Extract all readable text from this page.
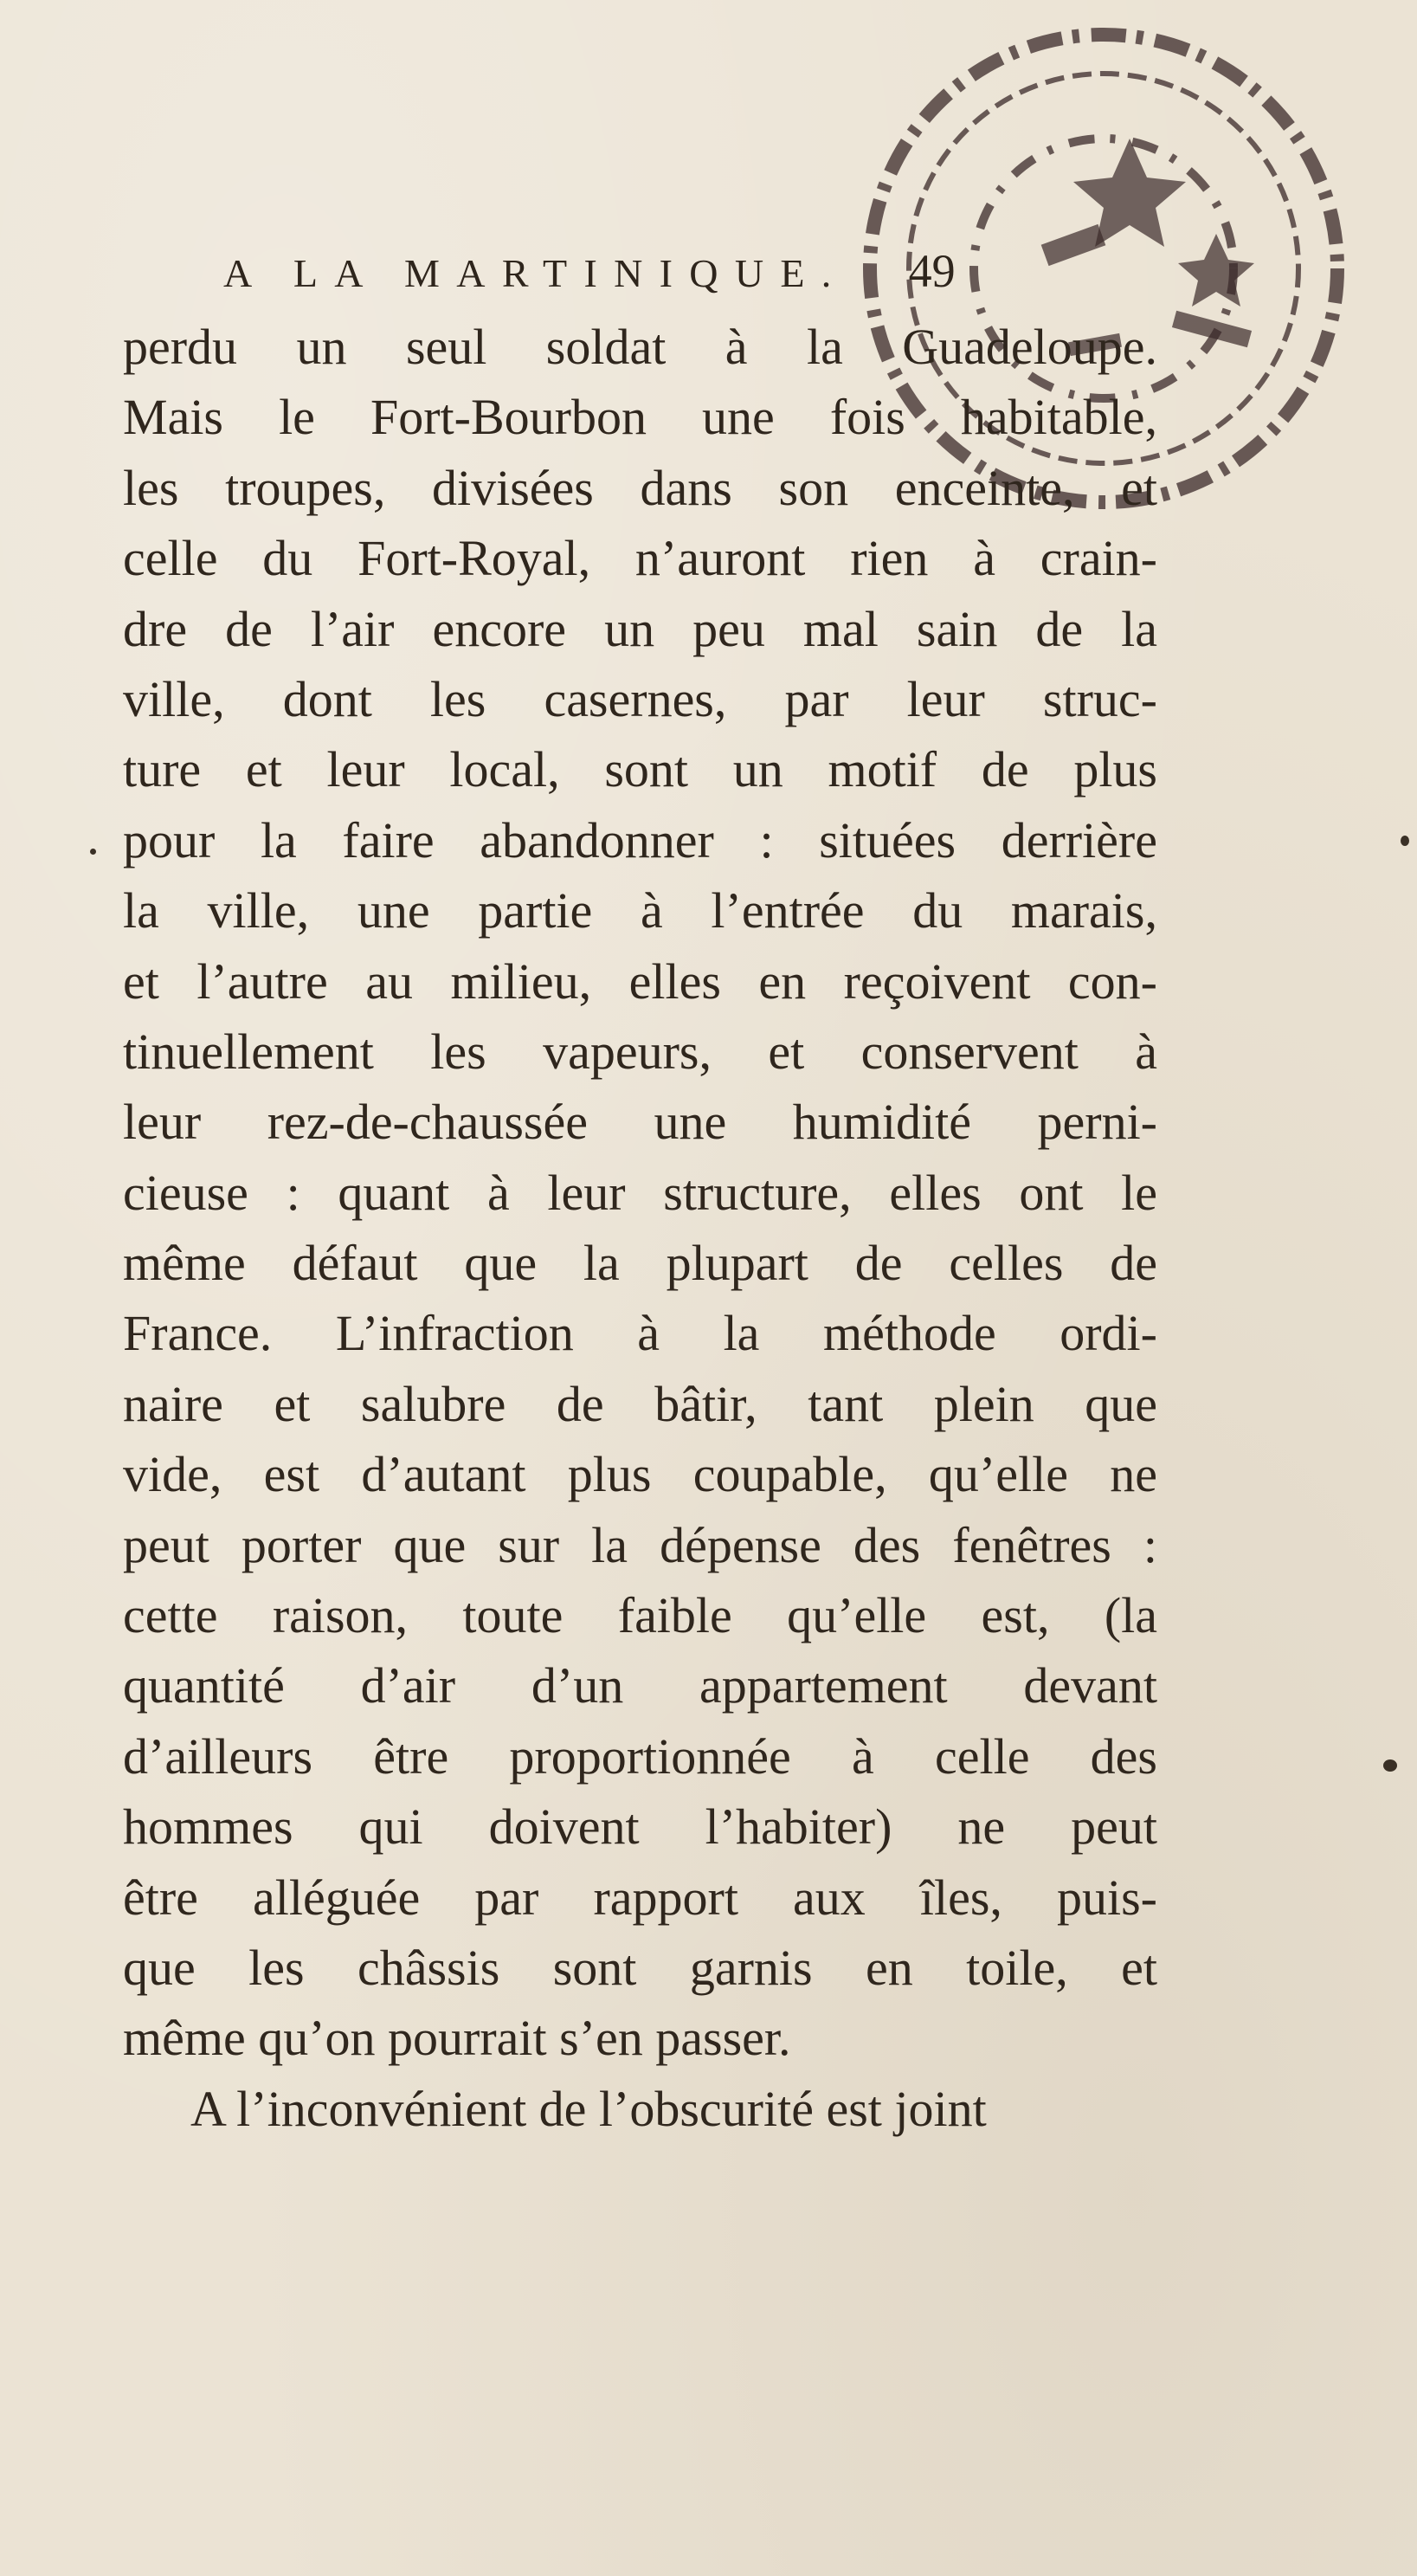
A LA MARTINIQUE. 49
perdu un seul soldat à la Guadeloupe.
Mais le Fort-Bourbon une fois habitable,
les troupes, divisées dans son enceinte, et
celle du Fort-Royal, n’auront rien à crain-
dre de l’air encore un peu mal sain de la
ville, dont les casernes, par leur struc-
ture et leur local, sont un motif de plus
pour la faire abandonner : situées derrière
la ville, une partie à l’entrée du marais,
et l’autre au milieu, elles en reçoivent con-
tinuellement les vapeurs, et conservent à
leur rez-de-chaussée une humidité perni-
cieuse : quant à leur structure, elles ont le
même défaut que la plupart de celles de
France. L’infraction à la méthode ordi-
naire et salubre de bâtir, tant plein que
vide, est d’autant plus coupable, qu’elle ne
peut porter que sur la dépense des fenêtres :
cette raison, toute faible qu’elle est, (la
quantité d’air d’un appartement devant
d’ailleurs être proportionnée à celle des
hommes qui doivent l’habiter) ne peut
être alléguée par rapport aux îles, puis-
que les châssis sont garnis en toile, et
même qu’on pourrait s’en passer.
A l’inconvénient de l’obscurité est joint
